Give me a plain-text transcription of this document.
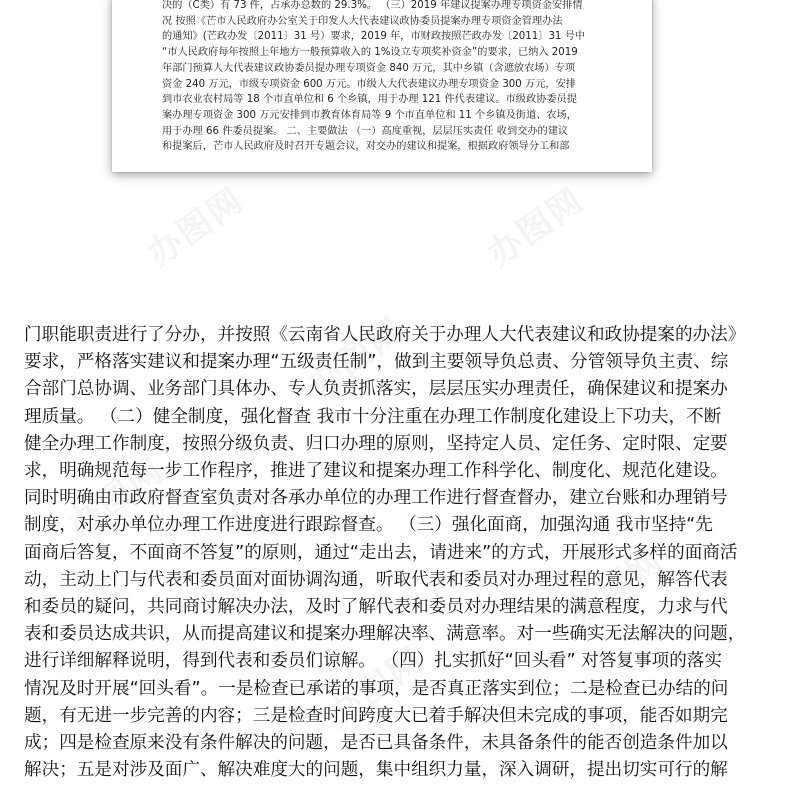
决的（C类）有 73 件，占承办总数的 29.3%。 （三）2019 年建议提案办理专项资金安排情

况 按照《芒市人民政府办公室关于印发人大代表建议政协委员提案办理专项资金管理办法

的通知》(芒政办发〔2011〕31 号）要求，2019 年，市财政按照芒政办发〔2011〕31 号中

“市人民政府每年按照上年地方一般预算收入的 1%设立专项奖补资金”的要求，已纳入 2019

年部门预算人大代表建议政协委员提办理专项资金 840 万元，其中乡镇（含遮放农场）专项

资金 240 万元，市级专项资金 600 万元。市级人大代表建议办理专项资金 300 万元，安排

到市农业农村局等 18 个市直单位和 6 个乡镇，用于办理 121 件代表建议。市级政协委员提

案办理专项资金 300 万元安排到市教育体育局等 9 个市直单位和 11 个乡镇及街道、农场，

用于办理 66 件委员提案。 二、主要做法 （一）高度重视，层层压实责任 收到交办的建议

和提案后，芒市人民政府及时召开专题会议，对交办的建议和提案，根据政府领导分工和部

办图网	办图网
办图网
办图网
办图网
办图网

门职能职责进行了分办，并按照《云南省人民政府关于办理人大代表建议和政协提案的办法》

要求，严格落实建议和提案办理“五级责任制”，做到主要领导负总责、分管领导负主责、综

合部门总协调、业务部门具体办、专人负责抓落实，层层压实办理责任，确保建议和提案办

理质量。 （二）健全制度，强化督查 我市十分注重在办理工作制度化建设上下功夫，不断

健全办理工作制度，按照分级负责、归口办理的原则，坚持定人员、定任务、定时限、定要

求，明确规范每一步工作程序，推进了建议和提案办理工作科学化、制度化、规范化建设。

同时明确由市政府督查室负责对各承办单位的办理工作进行督查督办，建立台账和办理销号

制度，对承办单位办理工作进度进行跟踪督查。 （三）强化面商，加强沟通 我市坚持“先

面商后答复，不面商不答复”的原则，通过“走出去，请进来”的方式，开展形式多样的面商活

动，主动上门与代表和委员面对面协调沟通，听取代表和委员对办理过程的意见，解答代表

和委员的疑问，共同商讨解决办法，及时了解代表和委员对办理结果的满意程度，力求与代

表和委员达成共识，从而提高建议和提案办理解决率、满意率。对一些确实无法解决的问题，

进行详细解释说明，得到代表和委员们谅解。 （四）扎实抓好“回头看” 对答复事项的落实

情况及时开展“回头看”。一是检查已承诺的事项，是否真正落实到位；二是检查已办结的问

题，有无进一步完善的内容；三是检查时间跨度大已着手解决但未完成的事项，能否如期完

成；四是检查原来没有条件解决的问题，是否已具备条件，未具备条件的能否创造条件加以

解决；五是对涉及面广、解决难度大的问题，集中组织力量，深入调研，提出切实可行的解
